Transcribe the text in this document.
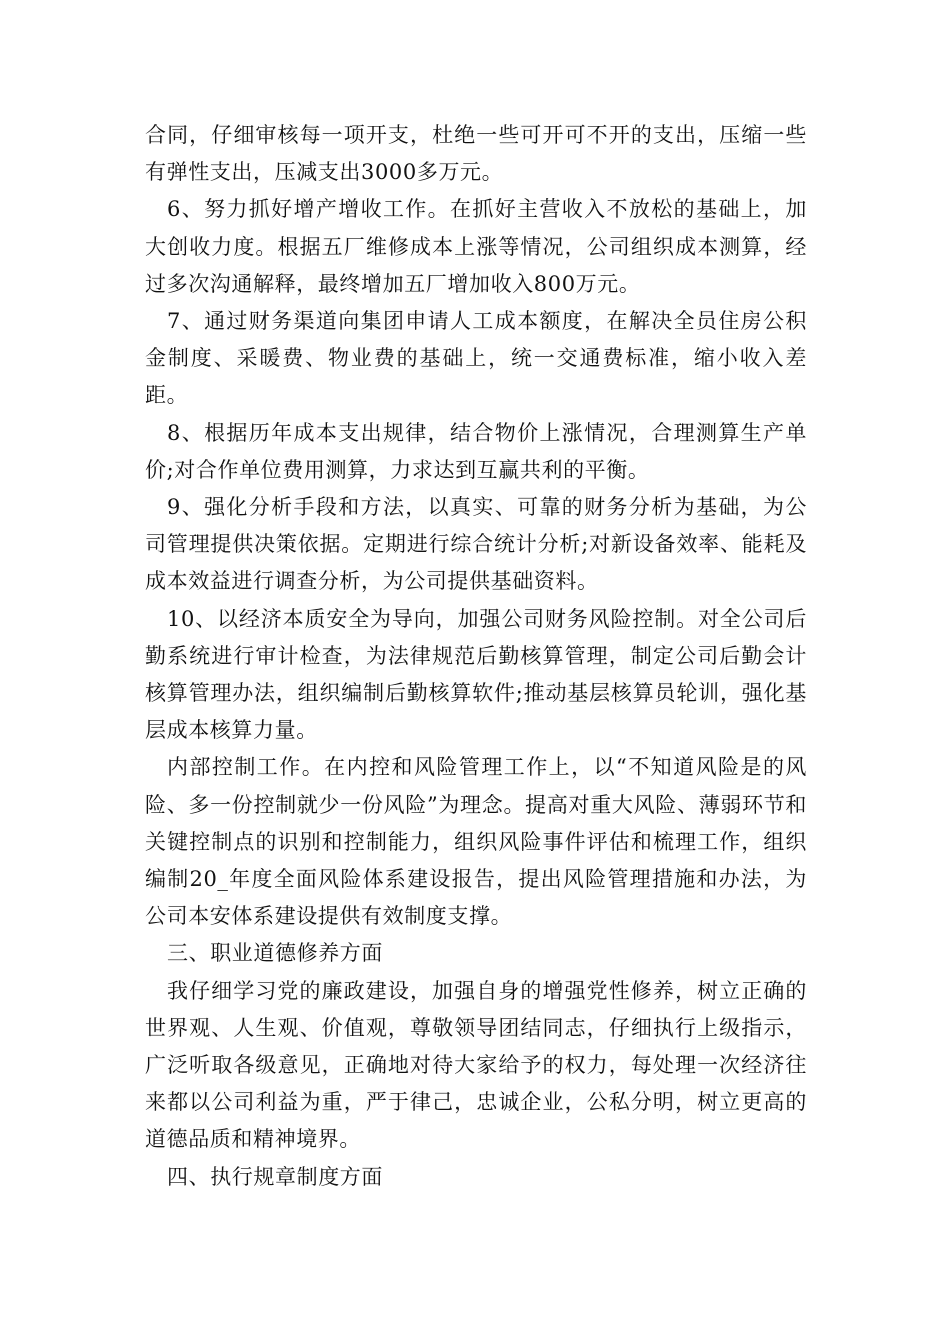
合同，仔细审核每一项开支，杜绝一些可开可不开的支出，压缩一些有弹性支出，压减支出3000多万元。

6、努力抓好增产增收工作。在抓好主营收入不放松的基础上，加大创收力度。根据五厂维修成本上涨等情况，公司组织成本测算，经过多次沟通解释，最终增加五厂增加收入800万元。

7、通过财务渠道向集团申请人工成本额度，在解决全员住房公积金制度、采暖费、物业费的基础上，统一交通费标准，缩小收入差距。

8、根据历年成本支出规律，结合物价上涨情况，合理测算生产单价;对合作单位费用测算，力求达到互赢共利的平衡。

9、强化分析手段和方法，以真实、可靠的财务分析为基础，为公司管理提供决策依据。定期进行综合统计分析;对新设备效率、能耗及成本效益进行调查分析，为公司提供基础资料。

10、以经济本质安全为导向，加强公司财务风险控制。对全公司后勤系统进行审计检查，为法律规范后勤核算管理，制定公司后勤会计核算管理办法，组织编制后勤核算软件;推动基层核算员轮训，强化基层成本核算力量。

内部控制工作。在内控和风险管理工作上，以“不知道风险是的风险、多一份控制就少一份风险”为理念。提高对重大风险、薄弱环节和关键控制点的识别和控制能力，组织风险事件评估和梳理工作，组织编制20_年度全面风险体系建设报告，提出风险管理措施和办法，为公司本安体系建设提供有效制度支撑。

三、职业道德修养方面

我仔细学习党的廉政建设，加强自身的增强党性修养，树立正确的世界观、人生观、价值观，尊敬领导团结同志，仔细执行上级指示，广泛听取各级意见，正确地对待大家给予的权力，每处理一次经济往来都以公司利益为重，严于律己，忠诚企业，公私分明，树立更高的道德品质和精神境界。

四、执行规章制度方面
